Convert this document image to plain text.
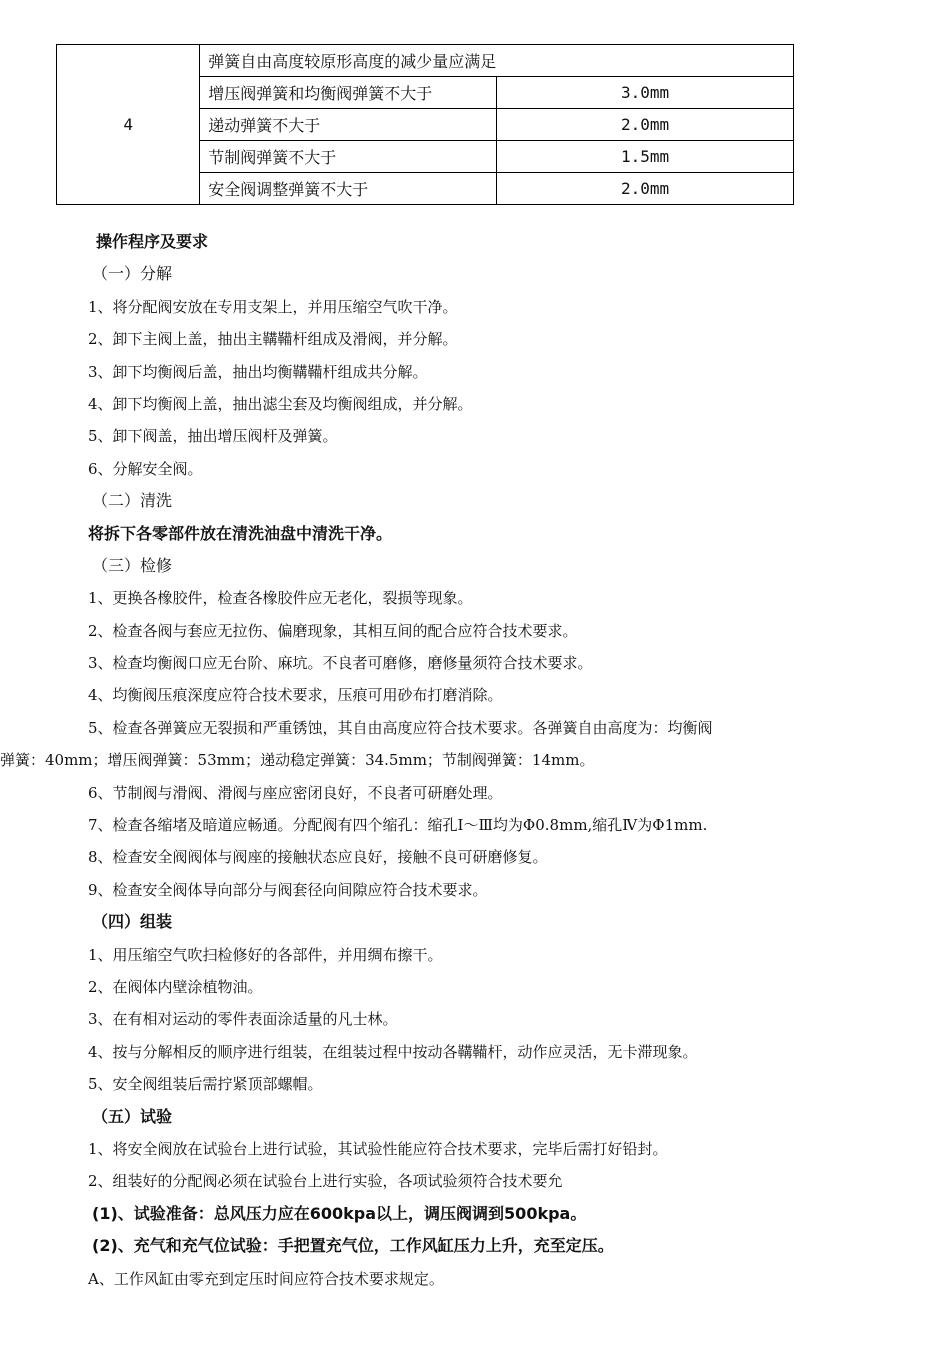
4	弹簧自由高度较原形高度的减少量应满足	
	增压阀弹簧和均衡阀弹簧不大于	3.0mm
	递动弹簧不大于	2.0mm
	节制阀弹簧不大于	1.5mm
	安全阀调整弹簧不大于	2.0mm
操作程序及要求
（一）分解
1、将分配阀安放在专用支架上，并用压缩空气吹干净。
2、卸下主阀上盖，抽出主鞲鞴杆组成及滑阀，并分解。
3、卸下均衡阀后盖，抽出均衡鞲鞴杆组成共分解。
4、卸下均衡阀上盖，抽出滤尘套及均衡阀组成，并分解。
5、卸下阀盖，抽出增压阀杆及弹簧。
6、分解安全阀。
（二）清洗
将拆下各零部件放在清洗油盘中清洗干净。
（三）检修
1、更换各橡胶件，检查各橡胶件应无老化，裂损等现象。
2、检查各阀与套应无拉伤、偏磨现象，其相互间的配合应符合技术要求。
3、检查均衡阀口应无台阶、麻坑。不良者可磨修，磨修量须符合技术要求。
4、均衡阀压痕深度应符合技术要求，压痕可用砂布打磨消除。
5、检查各弹簧应无裂损和严重锈蚀，其自由高度应符合技术要求。各弹簧自由高度为：均衡阀
弹簧：40mm；增压阀弹簧：53mm；递动稳定弹簧：34.5mm；节制阀弹簧：14mm。
6、节制阀与滑阀、滑阀与座应密闭良好，不良者可研磨处理。
7、检查各缩堵及暗道应畅通。分配阀有四个缩孔：缩孔Ⅰ～Ⅲ均为Φ0.8mm,缩孔Ⅳ为Φ1mm.
8、检查安全阀阀体与阀座的接触状态应良好，接触不良可研磨修复。
9、检查安全阀体导向部分与阀套径向间隙应符合技术要求。
（四）组装
1、用压缩空气吹扫检修好的各部件，并用绸布擦干。
2、在阀体内壁涂植物油。
3、在有相对运动的零件表面涂适量的凡士林。
4、按与分解相反的顺序进行组装，在组装过程中按动各鞲鞴杆，动作应灵活，无卡滞现象。
5、安全阀组装后需拧紧顶部螺帽。
（五）试验
1、将安全阀放在试验台上进行试验，其试验性能应符合技术要求，完毕后需打好铅封。
2、组装好的分配阀必须在试验台上进行实验，各项试验须符合技术要允
(1)、试验准备：总风压力应在600kpa以上，调压阀调到500kpa。
(2)、充气和充气位试验：手把置充气位，工作风缸压力上升，充至定压。
A、工作风缸由零充到定压时间应符合技术要求规定。
